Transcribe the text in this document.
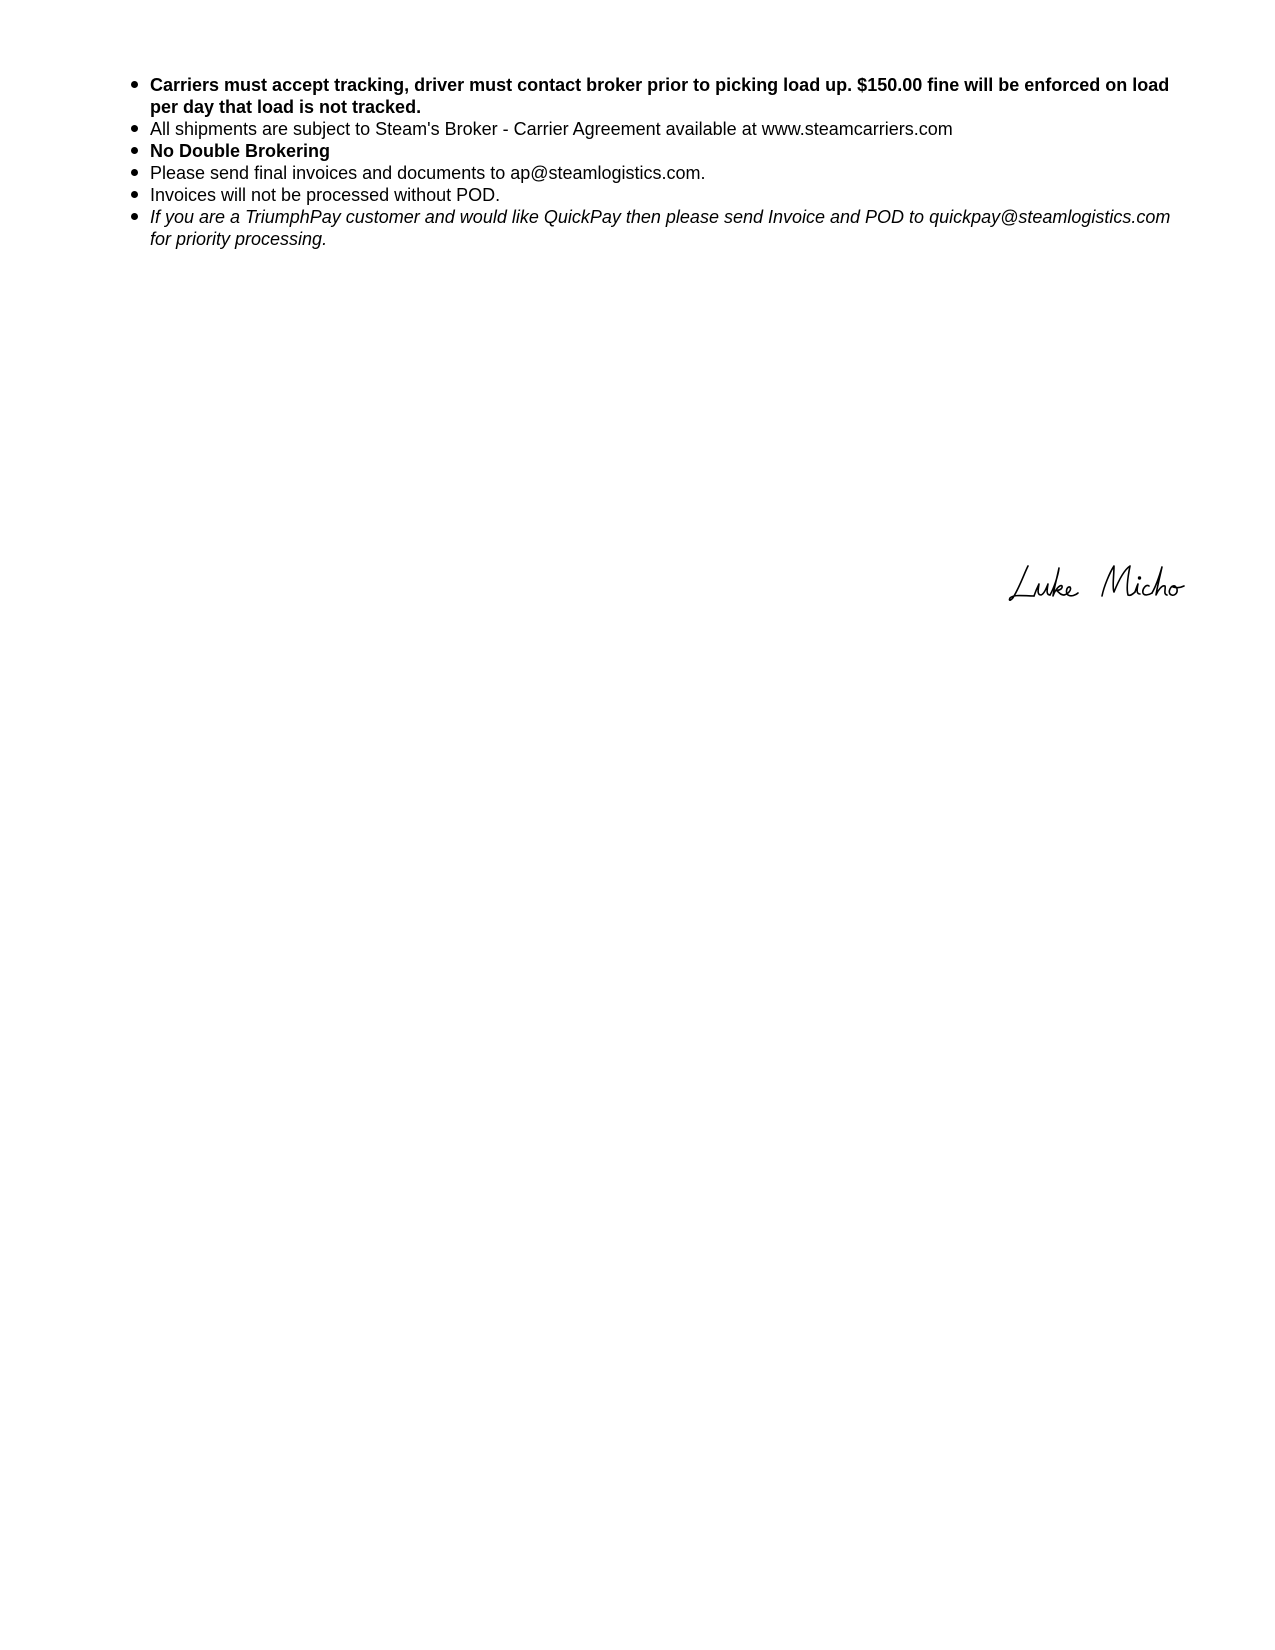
Carriers must accept tracking, driver must contact broker prior to picking load up. $150.00 fine will be enforced on load per day that load is not tracked.
All shipments are subject to Steam's Broker - Carrier Agreement available at www.steamcarriers.com
No Double Brokering
Please send final invoices and documents to ap@steamlogistics.com.
Invoices will not be processed without POD.
If you are a TriumphPay customer and would like QuickPay then please send Invoice and POD to quickpay@steamlogistics.com for priority processing.
